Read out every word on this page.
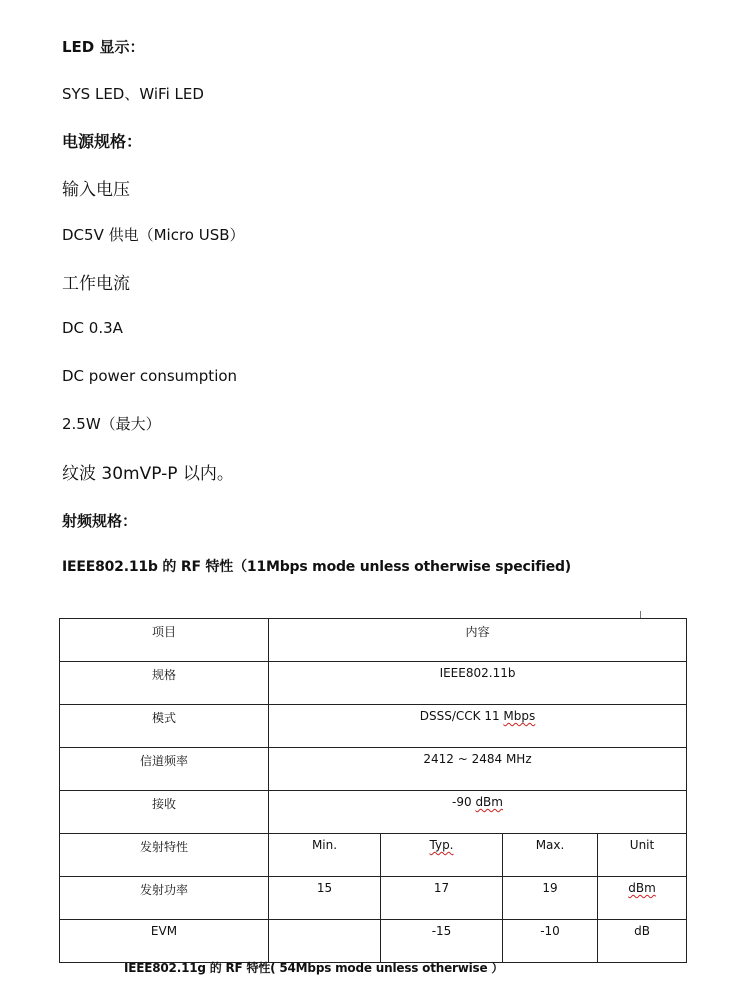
LED 显示：
SYS LED、WiFi LED
电源规格：
输入电压
DC5V 供电（Micro USB）
工作电流
DC 0.3A
DC power consumption
2.5W（最大）
纹波 30mVP-P 以内。
射频规格：
IEEE802.11b 的 RF 特性（11Mbps mode unless otherwise specified)
项目	内容			
规格	IEEE802.11b			
模式	DSSS/CCK 11 Mbps			
信道频率	2412 ~ 2484 MHz			
接收	-90 dBm			
发射特性	Min.	Typ.	Max.	Unit
发射功率	15	17	19	dBm
EVM		-15	-10	dB
IEEE802.11g 的 RF 特性( 54Mbps mode unless otherwise ）
